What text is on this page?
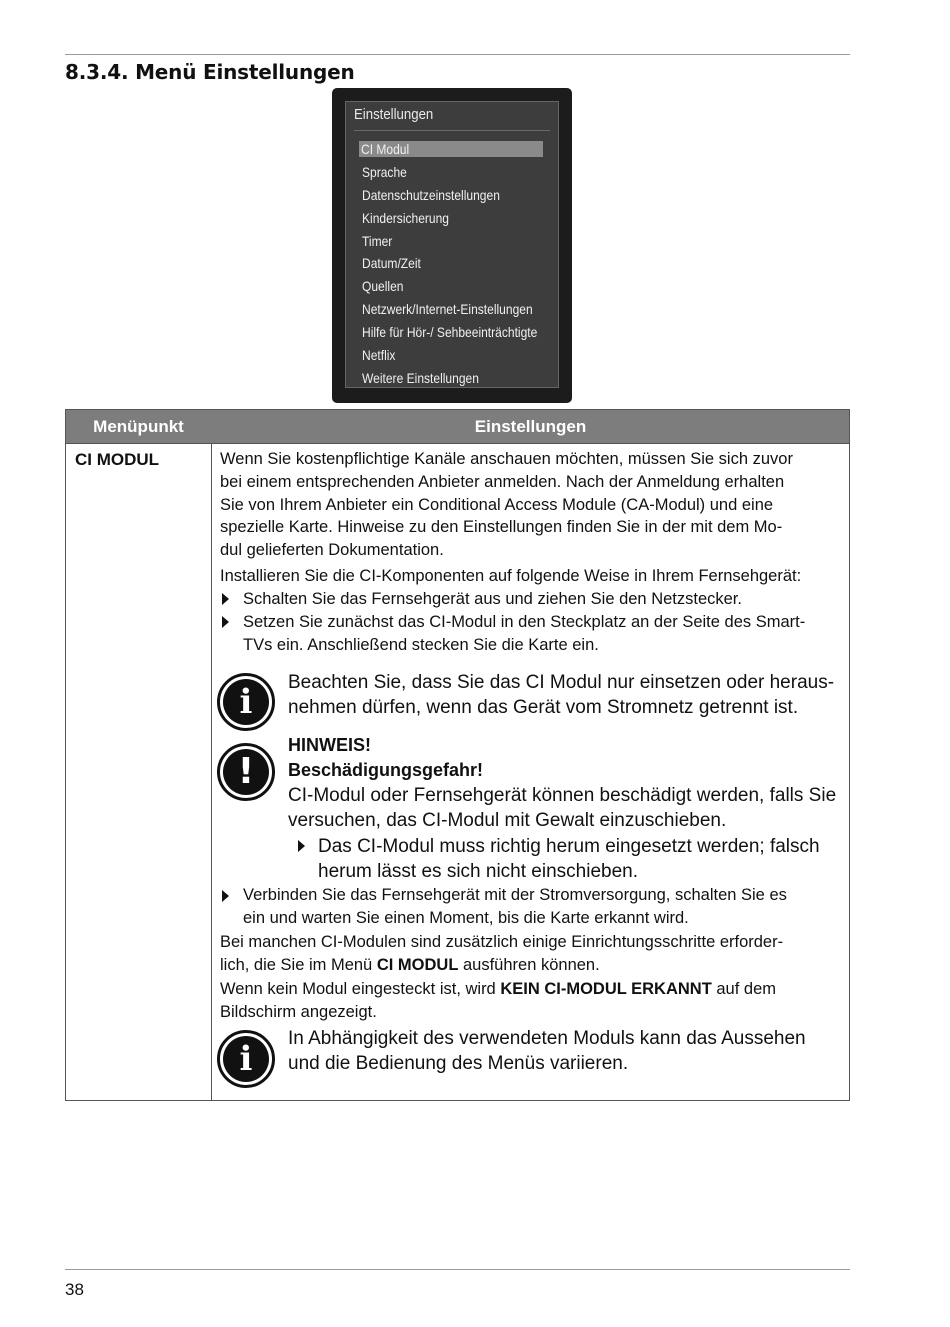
8.3.4. Menü Einstellungen
Einstellungen
CI Modul
Sprache
Datenschutzeinstellungen
Kindersicherung
Timer
Datum/Zeit
Quellen
Netzwerk/Internet-Einstellungen
Hilfe für Hör-/ Sehbeeinträchtigte
Netflix
Weitere Einstellungen
Menüpunkt	Einstellungen
CI MODUL	Wenn Sie kostenpflichtige Kanäle anschauen möchten, müssen Sie sich zuvor
bei einem entsprechenden Anbieter anmelden. Nach der Anmeldung erhalten
Sie von Ihrem Anbieter ein Conditional Access Module (CA-Modul) und eine
spezielle Karte. Hinweise zu den Einstellungen finden Sie in der mit dem Mo-
dul gelieferten Dokumentation.
Installieren Sie die CI-Komponenten auf folgende Weise in Ihrem Fernsehgerät:
Schalten Sie das Fernsehgerät aus und ziehen Sie den Netzstecker.
Setzen Sie zunächst das CI-Modul in den Steckplatz an der Seite des Smart-
TVs ein. Anschließend stecken Sie die Karte ein.
i	Beachten Sie, dass Sie das CI Modul nur einsetzen oder heraus-
nehmen dürfen, wenn das Gerät vom Stromnetz getrennt ist.
!
HINWEIS!
Beschädigungsgefahr!
CI-Modul oder Fernsehgerät können beschädigt werden, falls Sie
versuchen, das CI-Modul mit Gewalt einzuschieben.
Das CI-Modul muss richtig herum eingesetzt werden; falsch
herum lässt es sich nicht einschieben.
Verbinden Sie das Fernsehgerät mit der Stromversorgung, schalten Sie es
ein und warten Sie einen Moment, bis die Karte erkannt wird.
Bei manchen CI-Modulen sind zusätzlich einige Einrichtungsschritte erforder-
lich, die Sie im Menü CI MODUL ausführen können.
Wenn kein Modul eingesteckt ist, wird KEIN CI-MODUL ERKANNT auf dem
Bildschirm angezeigt.
i
In Abhängigkeit des verwendeten Moduls kann das Aussehen
und die Bedienung des Menüs variieren.
38
